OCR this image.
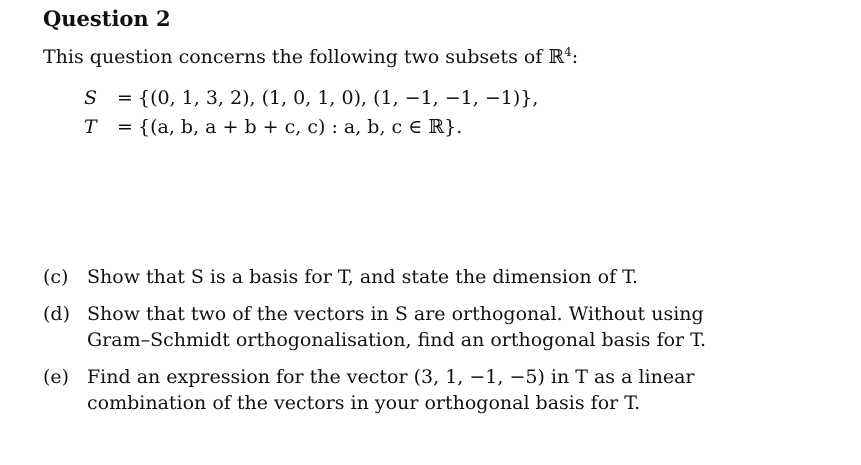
Question 2
This question concerns the following two subsets of ℝ$^4$:
S = {(0, 1, 3, 2), (1, 0, 1, 0), (1, −1, −1, −1)},
T = {(a, b, a + b + c, c) : a, b, c ∈ ℝ}.
(c) Show that S is a basis for T, and state the dimension of T.
(d) Show that two of the vectors in S are orthogonal. Without using
Gram–Schmidt orthogonalisation, find an orthogonal basis for T.
(e) Find an expression for the vector (3, 1, −1, −5) in T as a linear
combination of the vectors in your orthogonal basis for T.
